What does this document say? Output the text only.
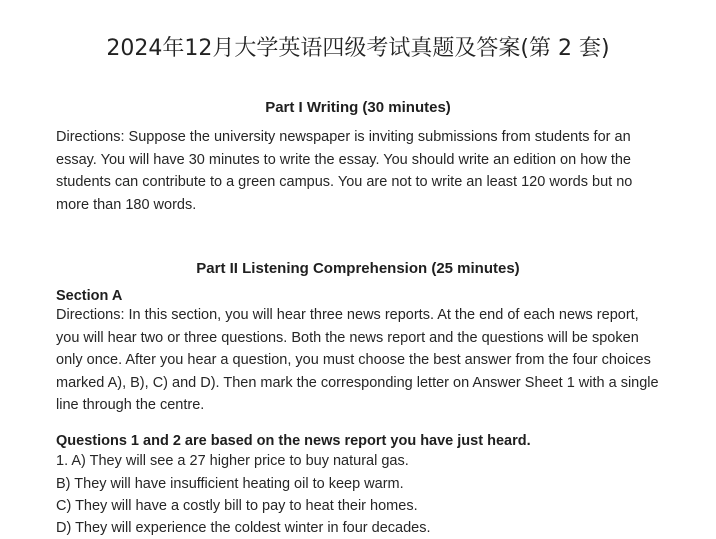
2024年12月大学英语四级考试真题及答案(第 2 套)
Part I Writing (30 minutes)

Directions: Suppose the university newspaper is inviting submissions from students for an essay. You will have 30 minutes to write the essay. You should write an edition on how the students can contribute to a green campus. You are not to write an least 120 words but no more than 180 words.

Part II Listening Comprehension (25 minutes)
Section A

Directions: In this section, you will hear three news reports. At the end of each news report, you will hear two or three questions. Both the news report and the questions will be spoken only once. After you hear a question, you must choose the best answer from the four choices marked A), B), C) and D). Then mark the corresponding letter on Answer Sheet 1 with a single line through the centre.

Questions 1 and 2 are based on the news report you have just heard.
1. A) They will see a 27 higher price to buy natural gas.
B) They will have insufficient heating oil to keep warm.
C) They will have a costly bill to pay to heat their homes.
D) They will experience the coldest winter in four decades.
